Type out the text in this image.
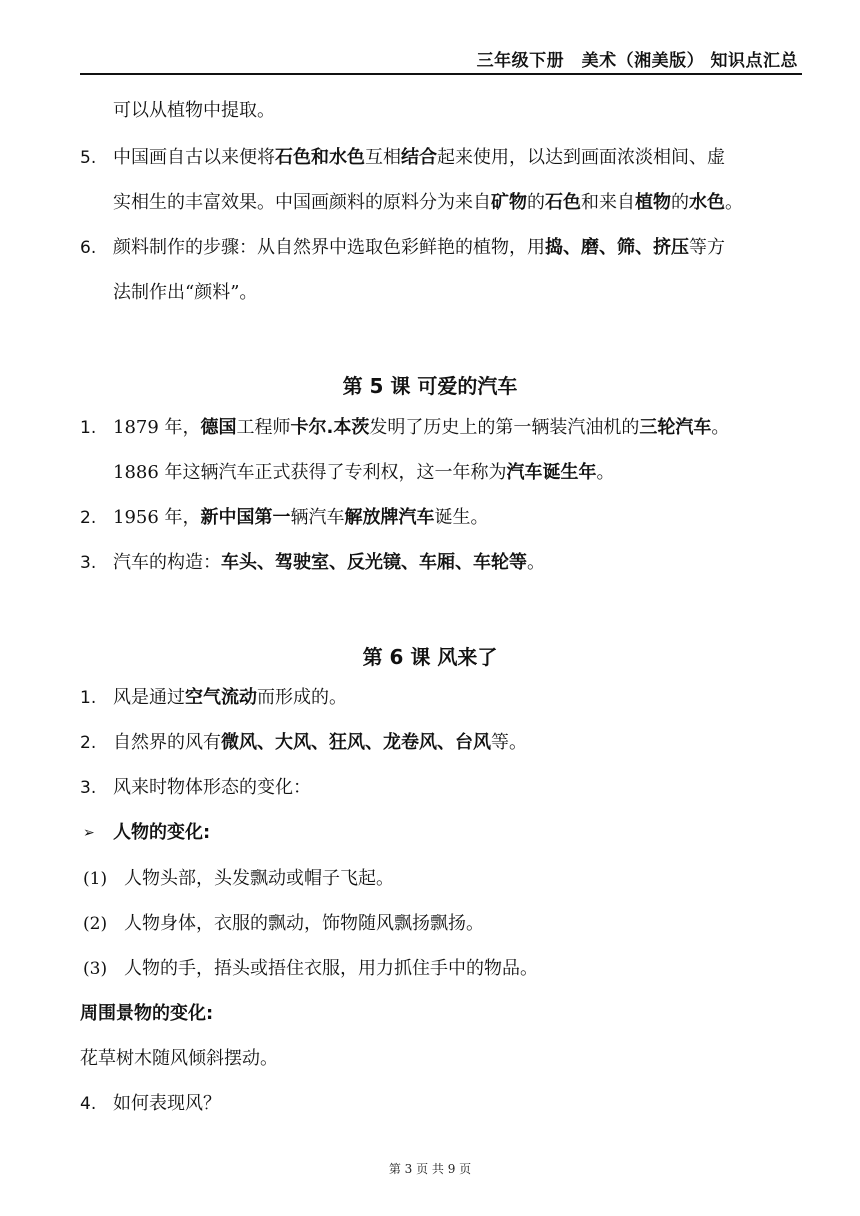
三年级下册　美术（湘美版） 知识点汇总
可以从植物中提取。
5. 中国画自古以来便将石色和水色互相结合起来使用，以达到画面浓淡相间、虚
实相生的丰富效果。中国画颜料的原料分为来自矿物的石色和来自植物的水色。
6. 颜料制作的步骤：从自然界中选取色彩鲜艳的植物，用捣、磨、筛、挤压等方
法制作出“颜料”。
第 5 课 可爱的汽车
1. 1879 年，德国工程师卡尔.本茨发明了历史上的第一辆装汽油机的三轮汽车。
1886 年这辆汽车正式获得了专利权，这一年称为汽车诞生年。
2. 1956 年，新中国第一辆汽车解放牌汽车诞生。
3. 汽车的构造：车头、驾驶室、反光镜、车厢、车轮等。
第 6 课 风来了
1. 风是通过空气流动而形成的。
2. 自然界的风有微风、大风、狂风、龙卷风、台风等。
3. 风来时物体形态的变化：
➢ 人物的变化:
(1) 人物头部，头发飘动或帽子飞起。
(2) 人物身体，衣服的飘动，饰物随风飘扬飘扬。
(3) 人物的手，捂头或捂住衣服，用力抓住手中的物品。
周围景物的变化:
花草树木随风倾斜摆动。
4. 如何表现风？
第 3 页 共 9 页
